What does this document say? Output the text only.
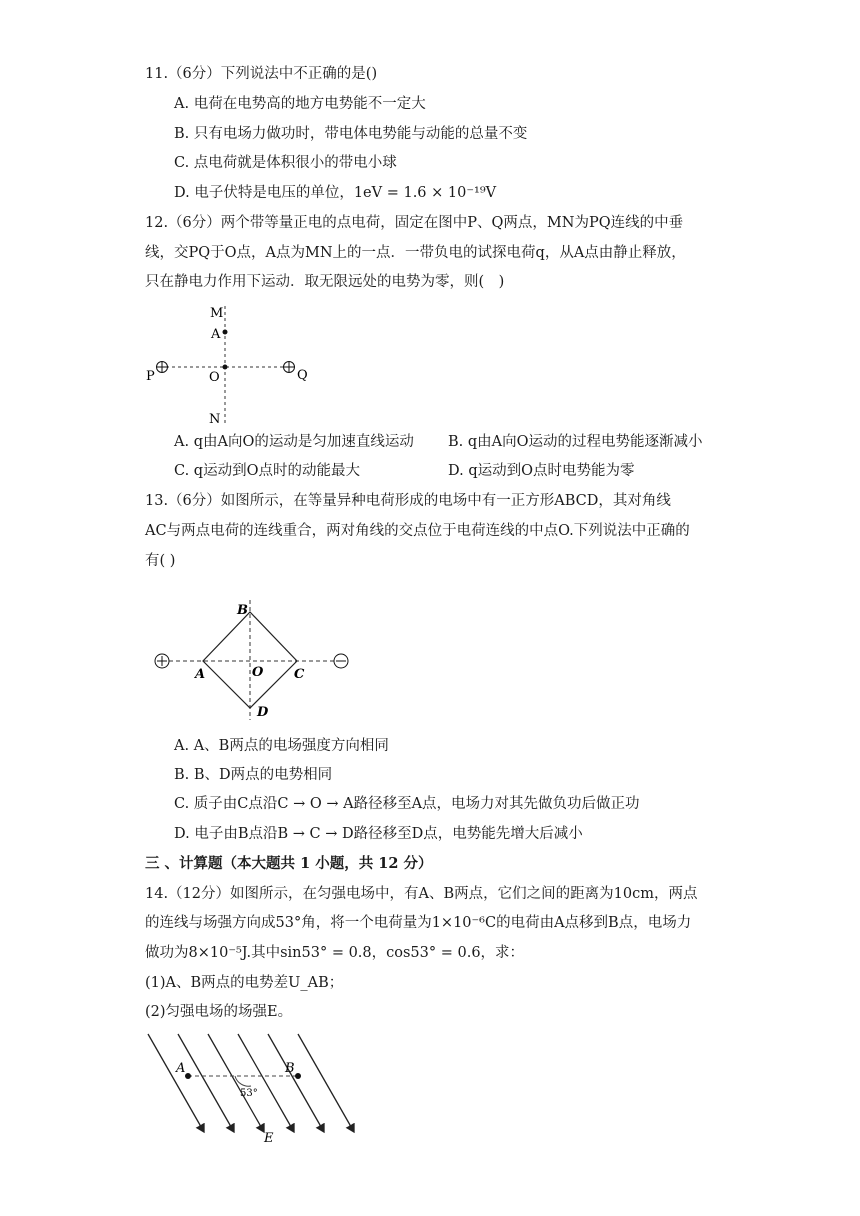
11.（6分）下列说法中不正确的是()
A. 电荷在电势高的地方电势能不一定大
B. 只有电场力做功时，带电体电势能与动能的总量不变
C. 点电荷就是体积很小的带电小球
D. 电子伏特是电压的单位，1eV = 1.6 × 10⁻¹⁹V
12.（6分）两个带等量正电的点电荷，固定在图中P、Q两点，MN为PQ连线的中垂
线，交PQ于O点，A点为MN上的一点．一带负电的试探电荷q，从A点由静止释放，
只在静电力作用下运动．取无限远处的电势为零，则(　)
M
A
P	O	Q
N
A. q由A向O的运动是匀加速直线运动 B. q由A向O运动的过程电势能逐渐减小
C. q运动到O点时的动能最大	D. q运动到O点时电势能为零
13.（6分）如图所示，在等量异种电荷形成的电场中有一正方形ABCD，其对角线
AC与两点电荷的连线重合，两对角线的交点位于电荷连线的中点O.下列说法中正确的
有( )
B
A	O C
D
A. A、B两点的电场强度方向相同
B. B、D两点的电势相同
C. 质子由C点沿C → O → A路径移至A点，电场力对其先做负功后做正功
D. 电子由B点沿B → C → D路径移至D点，电势能先增大后减小
三 、计算题（本大题共 1 小题，共 12 分）
14.（12分）如图所示，在匀强电场中，有A、B两点，它们之间的距离为10cm，两点
的连线与场强方向成53°角，将一个电荷量为1×10⁻⁶C的电荷由A点移到B点，电场力
做功为8×10⁻⁵J.其中sin53° = 0.8，cos53° = 0.6，求：
(1)A、B两点的电势差U_AB；
(2)匀强电场的场强E。
A	B
53°
E
